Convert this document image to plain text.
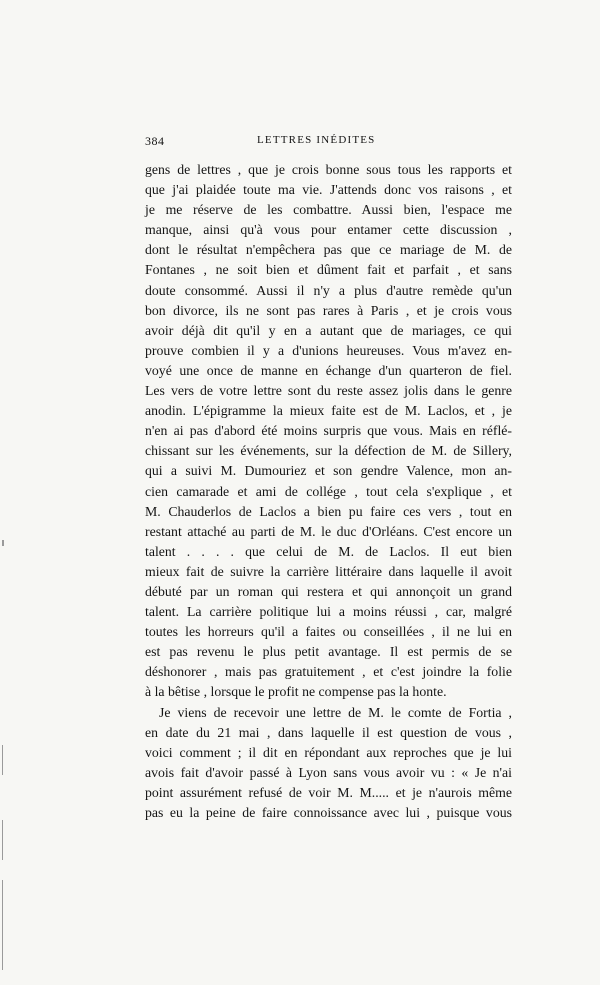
384	LETTRES INÉDITES
gens de lettres , que je crois bonne sous tous les rapports et
que j'ai plaidée toute ma vie. J'attends donc vos raisons , et
je me réserve de les combattre. Aussi bien, l'espace me
manque, ainsi qu'à vous pour entamer cette discussion ,
dont le résultat n'empêchera pas que ce mariage de M. de
Fontanes , ne soit bien et dûment fait et parfait , et sans
doute consommé. Aussi il n'y a plus d'autre remède qu'un
bon divorce, ils ne sont pas rares à Paris , et je crois vous
avoir déjà dit qu'il y en a autant que de mariages, ce qui
prouve combien il y a d'unions heureuses. Vous m'avez en-
voyé une once de manne en échange d'un quarteron de fiel.
Les vers de votre lettre sont du reste assez jolis dans le genre
anodin. L'épigramme la mieux faite est de M. Laclos, et , je
n'en ai pas d'abord été moins surpris que vous. Mais en réflé-
chissant sur les événements, sur la défection de M. de Sillery,
qui a suivi M. Dumouriez et son gendre Valence, mon an-
cien camarade et ami de collége , tout cela s'explique , et
M. Chauderlos de Laclos a bien pu faire ces vers , tout en
restant attaché au parti de M. le duc d'Orléans. C'est encore un
talent . . . . que celui de M. de Laclos. Il eut bien
mieux fait de suivre la carrière littéraire dans laquelle il avoit
débuté par un roman qui restera et qui annonçoit un grand
talent. La carrière politique lui a moins réussi , car, malgré
toutes les horreurs qu'il a faites ou conseillées , il ne lui en
est pas revenu le plus petit avantage. Il est permis de se
déshonorer , mais pas gratuitement , et c'est joindre la folie
à la bêtise , lorsque le profit ne compense pas la honte.
Je viens de recevoir une lettre de M. le comte de Fortia ,
en date du 21 mai , dans laquelle il est question de vous ,
voici comment ; il dit en répondant aux reproches que je lui
avois fait d'avoir passé à Lyon sans vous avoir vu : « Je n'ai
point assurément refusé de voir M. M..... et je n'aurois même
pas eu la peine de faire connoissance avec lui , puisque vous
